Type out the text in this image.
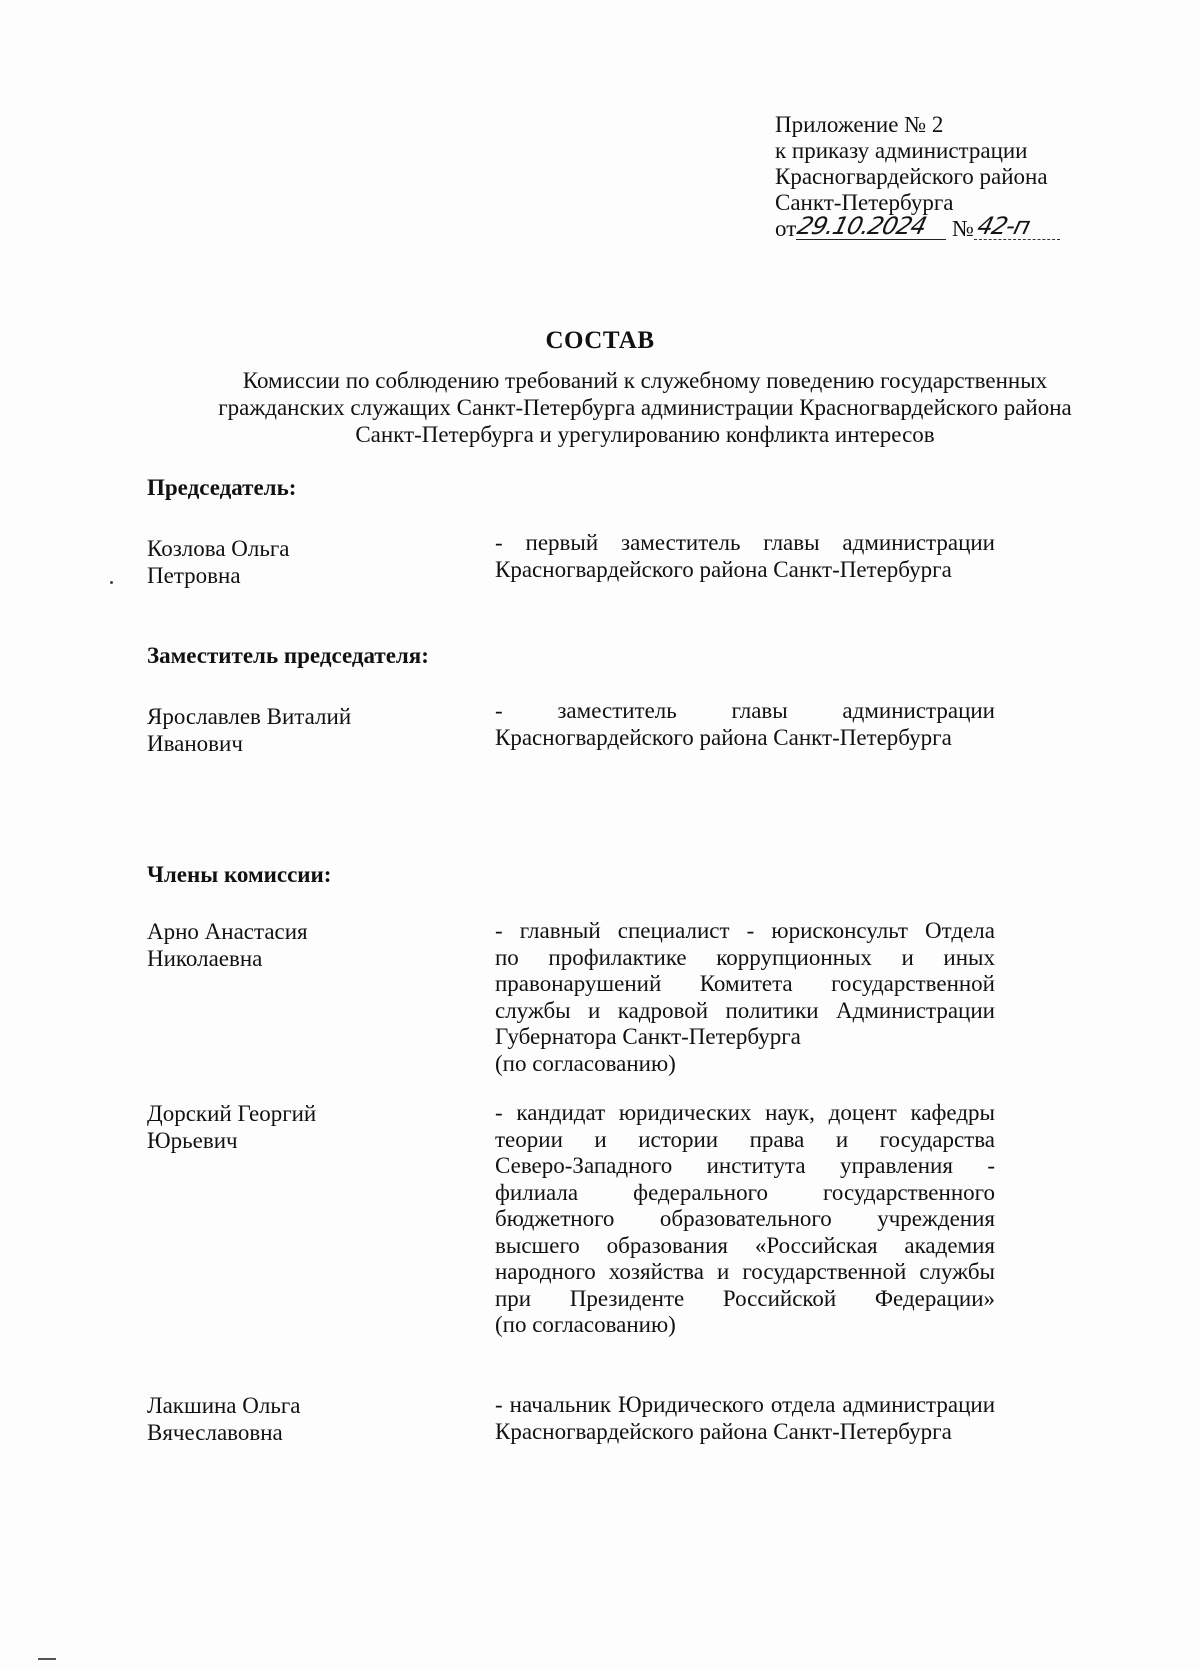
Приложение № 2
к приказу администрации
Красногвардейского района
Санкт-Петербурга
от29.10.2024 №42-п
СОСТАВ
Комиссии по соблюдению требований к служебному поведению государственных гражданских служащих Санкт-Петербурга администрации Красногвардейского района Санкт-Петербурга и урегулированию конфликта интересов
Председатель:
Козлова Ольга
Петровна
- первый заместитель главы администрации
Красногвардейского района Санкт-Петербурга
Заместитель председателя:
Ярославлев Виталий
Иванович
- заместитель главы администрации
Красногвардейского района Санкт-Петербурга
Члены комиссии:
Арно Анастасия
Николаевна
- главный специалист - юрисконсульт Отдела
по профилактике коррупционных и иных
правонарушений Комитета государственной
службы и кадровой политики Администрации
Губернатора Санкт-Петербурга
(по согласованию)
Дорский Георгий
Юрьевич
- кандидат юридических наук, доцент кафедры
теории и истории права и государства
Северо-Западного института управления -
филиала федерального государственного
бюджетного образовательного учреждения
высшего образования «Российская академия
народного хозяйства и государственной службы
при Президенте Российской Федерации»
(по согласованию)
Лакшина Ольга
Вячеславовна
- начальник Юридического отдела администрации
Красногвардейского района Санкт-Петербурга
